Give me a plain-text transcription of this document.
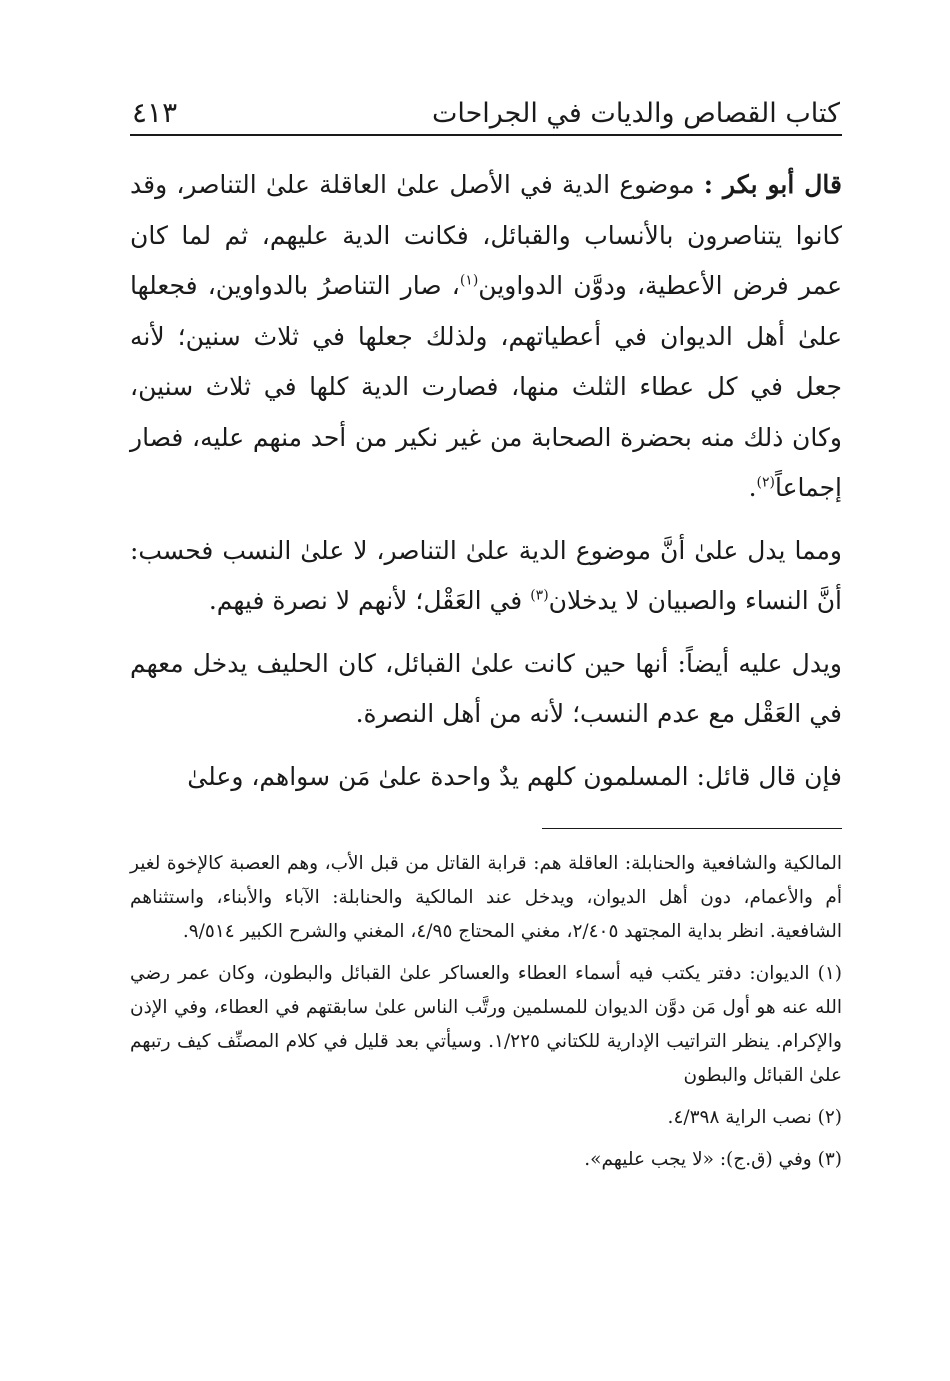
كتاب القصاص والديات في الجراحات
٤١٣

قال أبو بكر : موضوع الدية في الأصل علىٰ العاقلة علىٰ التناصر، وقد كانوا يتناصرون بالأنساب والقبائل، فكانت الدية عليهم، ثم لما كان عمر فرض الأعطية، ودوَّن الدواوين$^{(١)}$، صار التناصرُ بالدواوين، فجعلها علىٰ أهل الديوان في أعطياتهم، ولذلك جعلها في ثلاث سنين؛ لأنه جعل في كل عطاء الثلث منها، فصارت الدية كلها في ثلاث سنين، وكان ذلك منه بحضرة الصحابة من غير نكير من أحد منهم عليه، فصار إجماعاً$^{(٢)}$.

ومما يدل علىٰ أنَّ موضوع الدية علىٰ التناصر، لا علىٰ النسب فحسب: أنَّ النساء والصبيان لا يدخلان$^{(٣)}$ في العَقْل؛ لأنهم لا نصرة فيهم.

ويدل عليه أيضاً: أنها حين كانت علىٰ القبائل، كان الحليف يدخل معهم في العَقْل مع عدم النسب؛ لأنه من أهل النصرة.

فإن قال قائل: المسلمون كلهم يدٌ واحدة علىٰ مَن سواهم، وعلىٰ

المالكية والشافعية والحنابلة: العاقلة هم: قرابة القاتل من قبل الأب، وهم العصبة كالإخوة لغير أم والأعمام، دون أهل الديوان، ويدخل عند المالكية والحنابلة: الآباء والأبناء، واستثناهم الشافعية. انظر بداية المجتهد ٢/٤٠٥، مغني المحتاج ٤/٩٥، المغني والشرح الكبير ٩/٥١٤.

(١) الديوان: دفتر يكتب فيه أسماء العطاء والعساكر علىٰ القبائل والبطون، وكان عمر رضي الله عنه هو أول مَن دوَّن الديوان للمسلمين ورتَّب الناس علىٰ سابقتهم في العطاء، وفي الإذن والإكرام. ينظر التراتيب الإدارية للكتاني ١/٢٢٥. وسيأتي بعد قليل في كلام المصنِّف كيف رتبهم علىٰ القبائل والبطون

(٢) نصب الراية ٤/٣٩٨.

(٣) وفي (ق.ج): «لا يجب عليهم».
